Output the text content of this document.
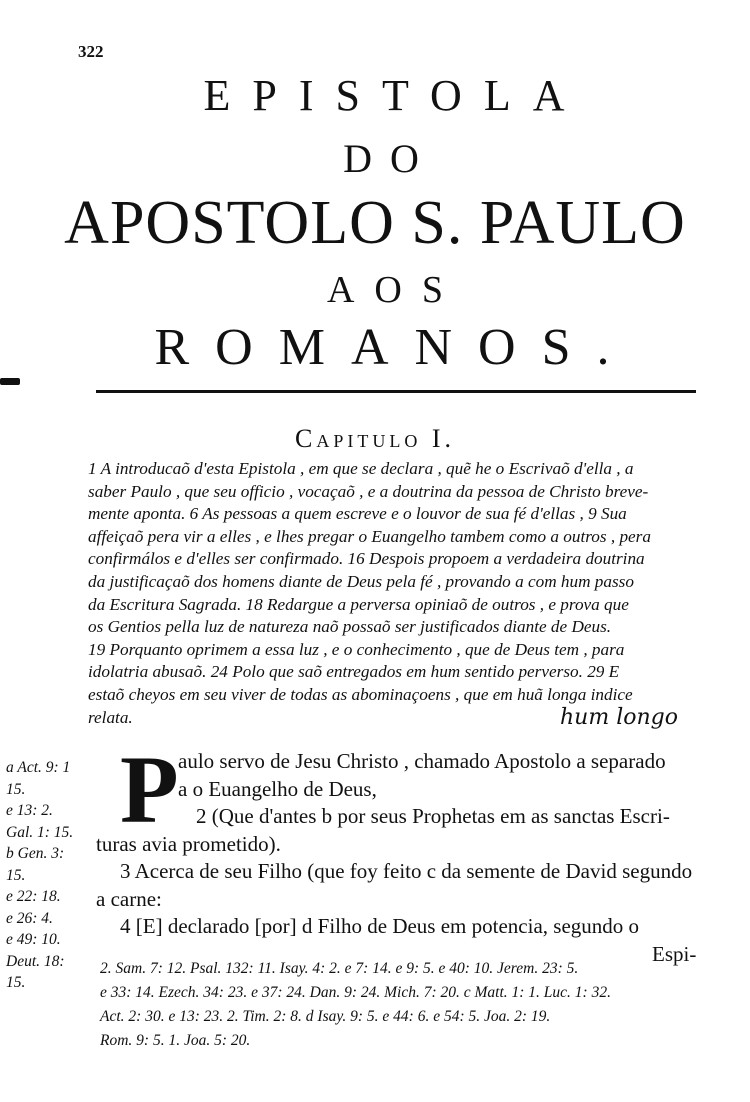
322
EPISTOLA
DO
APOSTOLO S. PAULO
AOS
ROMANOS.
Capitulo I.
1 A introducaõ d'esta Epistola , em que se declara , quẽ he o Escrivaõ d'ella , a
saber Paulo , que seu officio , vocaçaõ , e a doutrina da pessoa de Christo breve-
mente aponta. 6 As pessoas a quem escreve e o louvor de sua fé d'ellas , 9 Sua
affeiçaõ pera vir a elles , e lhes pregar o Euangelho tambem como a outros , pera
confirmálos e d'elles ser confirmado. 16 Despois propoem a verdadeira doutrina
da justificaçaõ dos homens diante de Deus pela fé , provando a com hum passo
da Escritura Sagrada. 18 Redargue a perversa opiniaõ de outros , e prova que
os Gentios pella luz de natureza naõ possaõ ser justificados diante de Deus.
19 Porquanto oprimem a essa luz , e o conhecimento , que de Deus tem , para
idolatria abusaõ. 24 Polo que saõ entregados em hum sentido perverso. 29 E
estaõ cheyos em seu viver de todas as abominaçoens , que em huã longa indice
relata.	hum longo
a Act. 9: 1
15.
e 13: 2.
Gal. 1: 15.
b Gen. 3:
15.
e 22: 18.
e 26: 4.
e 49: 10.
Deut. 18:
15.
P aulo servo de Jesu Christo , chamado Apostolo a separado
a o Euangelho de Deus,
2 (Que d'antes b por seus Prophetas em as sanctas Escri-
turas avia prometido).
3 Acerca de seu Filho (que foy feito c da semente de David segundo
a carne:
4 [E] declarado [por] d Filho de Deus em potencia, segundo o
Espi-
2. Sam. 7: 12. Psal. 132: 11. Isay. 4: 2. e 7: 14. e 9: 5. e 40: 10. Jerem. 23: 5.
e 33: 14. Ezech. 34: 23. e 37: 24. Dan. 9: 24. Mich. 7: 20. c Matt. 1: 1. Luc. 1: 32.
Act. 2: 30. e 13: 23. 2. Tim. 2: 8. d Isay. 9: 5. e 44: 6. e 54: 5. Joa. 2: 19.
Rom. 9: 5. 1. Joa. 5: 20.
